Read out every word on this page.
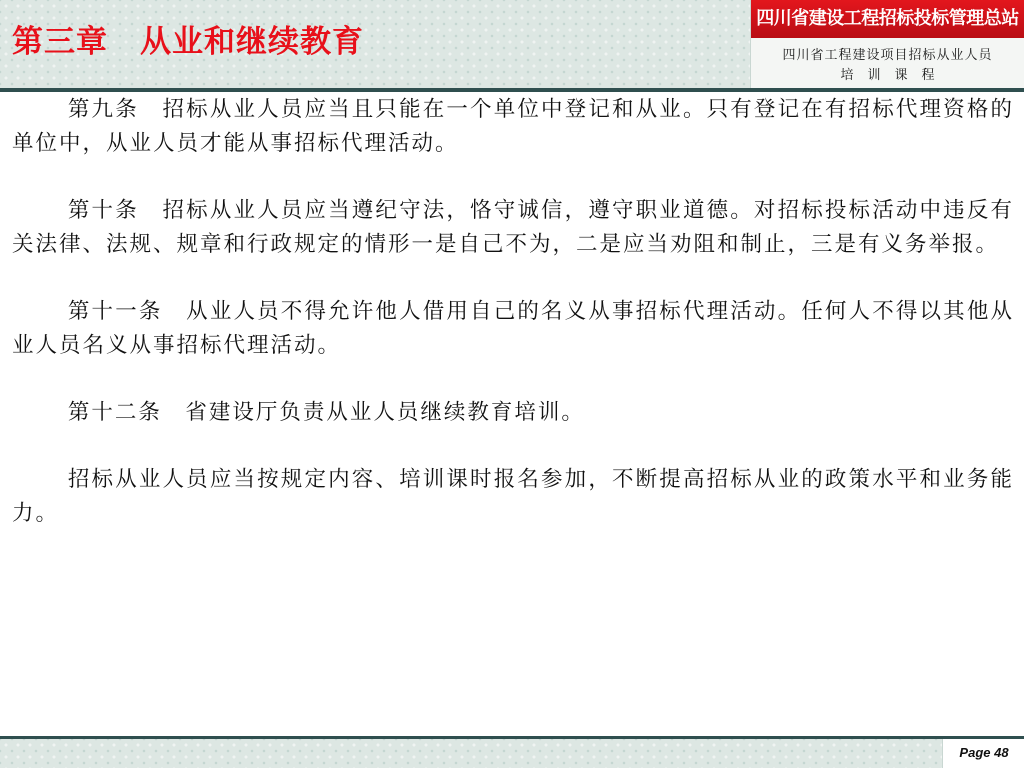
第三章　从业和继续教育
四川省建设工程招标投标管理总站
四川省工程建设项目招标从业人员
培训课程

第九条　招标从业人员应当且只能在一个单位中登记和从业。只有登记在有招标代理资格的单位中，从业人员才能从事招标代理活动。

第十条　招标从业人员应当遵纪守法，恪守诚信，遵守职业道德。对招标投标活动中违反有关法律、法规、规章和行政规定的情形一是自己不为，二是应当劝阻和制止，三是有义务举报。

第十一条　从业人员不得允许他人借用自己的名义从事招标代理活动。任何人不得以其他从业人员名义从事招标代理活动。

第十二条　省建设厅负责从业人员继续教育培训。

招标从业人员应当按规定内容、培训课时报名参加，不断提高招标从业的政策水平和业务能力。

Page 48
